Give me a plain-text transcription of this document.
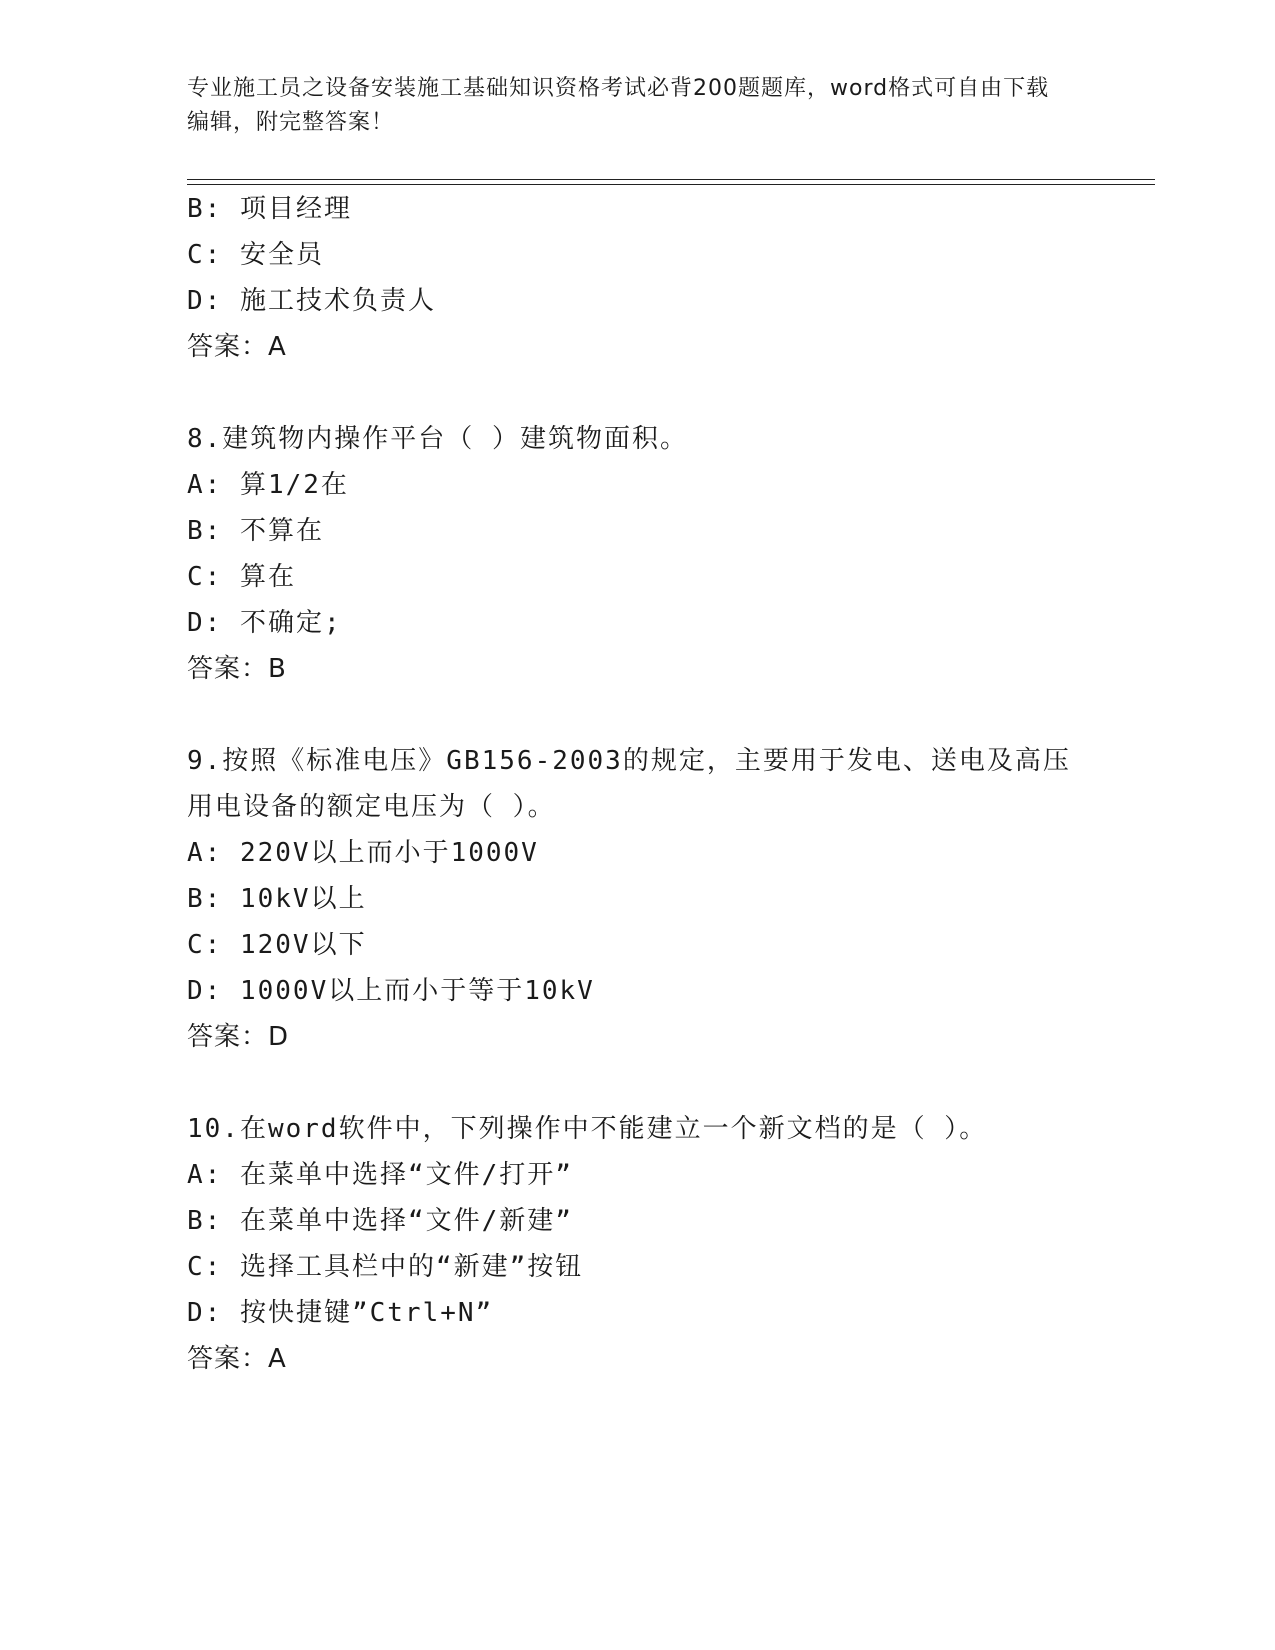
专业施工员之设备安装施工基础知识资格考试必背200题题库，word格式可自由下载编辑，附完整答案！
B: 项目经理
C: 安全员
D: 施工技术负责人
答案：A
8.建筑物内操作平台（ ）建筑物面积。
A: 算1/2在
B: 不算在
C: 算在
D: 不确定;
答案：B
9.按照《标准电压》GB156-2003的规定，主要用于发电、送电及高压
用电设备的额定电压为（ ）。
A: 220V以上而小于1000V
B: 10kV以上
C: 120V以下
D: 1000V以上而小于等于10kV
答案：D
10.在word软件中，下列操作中不能建立一个新文档的是（ ）。
A: 在菜单中选择“文件/打开”
B: 在菜单中选择“文件/新建”
C: 选择工具栏中的“新建”按钮
D: 按快捷键”Ctrl+N”
答案：A
